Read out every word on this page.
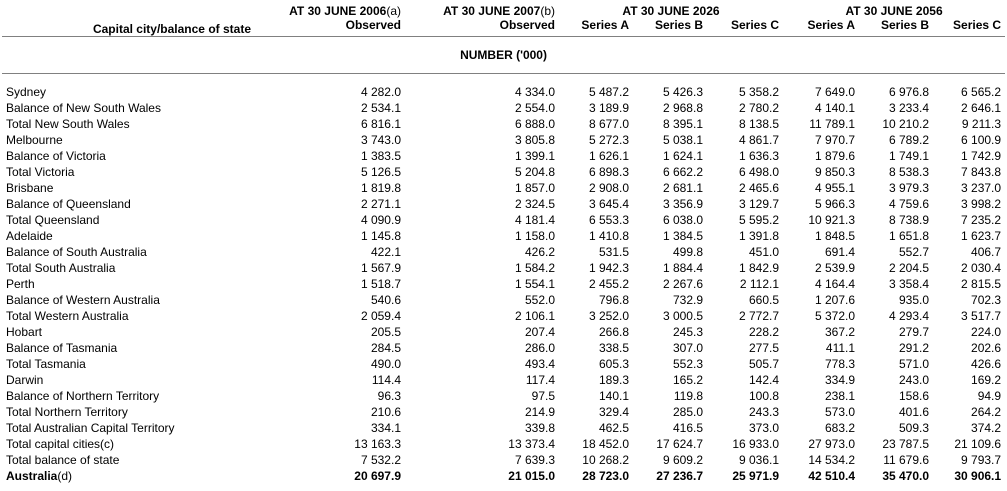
Capital city/balance of state	AT 30 JUNE 2006(a)	AT 30 JUNE 2007(b)	AT 30 JUNE 2026			AT 30 JUNE 2056		
	Observed	Observed	Series A	Series B	Series C	Series A	Series B	Series C
NUMBER ('000)								

Sydney	4 282.0	4 334.0	5 487.2	5 426.3	5 358.2	7 649.0	6 976.8	6 565.2
Balance of New South Wales	2 534.1	2 554.0	3 189.9	2 968.8	2 780.2	4 140.1	3 233.4	2 646.1
Total New South Wales	6 816.1	6 888.0	8 677.0	8 395.1	8 138.5	11 789.1	10 210.2	9 211.3
Melbourne	3 743.0	3 805.8	5 272.3	5 038.1	4 861.7	7 970.7	6 789.2	6 100.9
Balance of Victoria	1 383.5	1 399.1	1 626.1	1 624.1	1 636.3	1 879.6	1 749.1	1 742.9
Total Victoria	5 126.5	5 204.8	6 898.3	6 662.2	6 498.0	9 850.3	8 538.3	7 843.8
Brisbane	1 819.8	1 857.0	2 908.0	2 681.1	2 465.6	4 955.1	3 979.3	3 237.0
Balance of Queensland	2 271.1	2 324.5	3 645.4	3 356.9	3 129.7	5 966.3	4 759.6	3 998.2
Total Queensland	4 090.9	4 181.4	6 553.3	6 038.0	5 595.2	10 921.3	8 738.9	7 235.2
Adelaide	1 145.8	1 158.0	1 410.8	1 384.5	1 391.8	1 848.5	1 651.8	1 623.7
Balance of South Australia	422.1	426.2	531.5	499.8	451.0	691.4	552.7	406.7
Total South Australia	1 567.9	1 584.2	1 942.3	1 884.4	1 842.9	2 539.9	2 204.5	2 030.4
Perth	1 518.7	1 554.1	2 455.2	2 267.6	2 112.1	4 164.4	3 358.4	2 815.5
Balance of Western Australia	540.6	552.0	796.8	732.9	660.5	1 207.6	935.0	702.3
Total Western Australia	2 059.4	2 106.1	3 252.0	3 000.5	2 772.7	5 372.0	4 293.4	3 517.7
Hobart	205.5	207.4	266.8	245.3	228.2	367.2	279.7	224.0
Balance of Tasmania	284.5	286.0	338.5	307.0	277.5	411.1	291.2	202.6
Total Tasmania	490.0	493.4	605.3	552.3	505.7	778.3	571.0	426.6
Darwin	114.4	117.4	189.3	165.2	142.4	334.9	243.0	169.2
Balance of Northern Territory	96.3	97.5	140.1	119.8	100.8	238.1	158.6	94.9
Total Northern Territory	210.6	214.9	329.4	285.0	243.3	573.0	401.6	264.2
Total Australian Capital Territory	334.1	339.8	462.5	416.5	373.0	683.2	509.3	374.2
Total capital cities(c)	13 163.3	13 373.4	18 452.0	17 624.7	16 933.0	27 973.0	23 787.5	21 109.6
Total balance of state	7 532.2	7 639.3	10 268.2	9 609.2	9 036.1	14 534.2	11 679.6	9 793.7
Australia(d)	20 697.9	21 015.0	28 723.0	27 236.7	25 971.9	42 510.4	35 470.0	30 906.1
